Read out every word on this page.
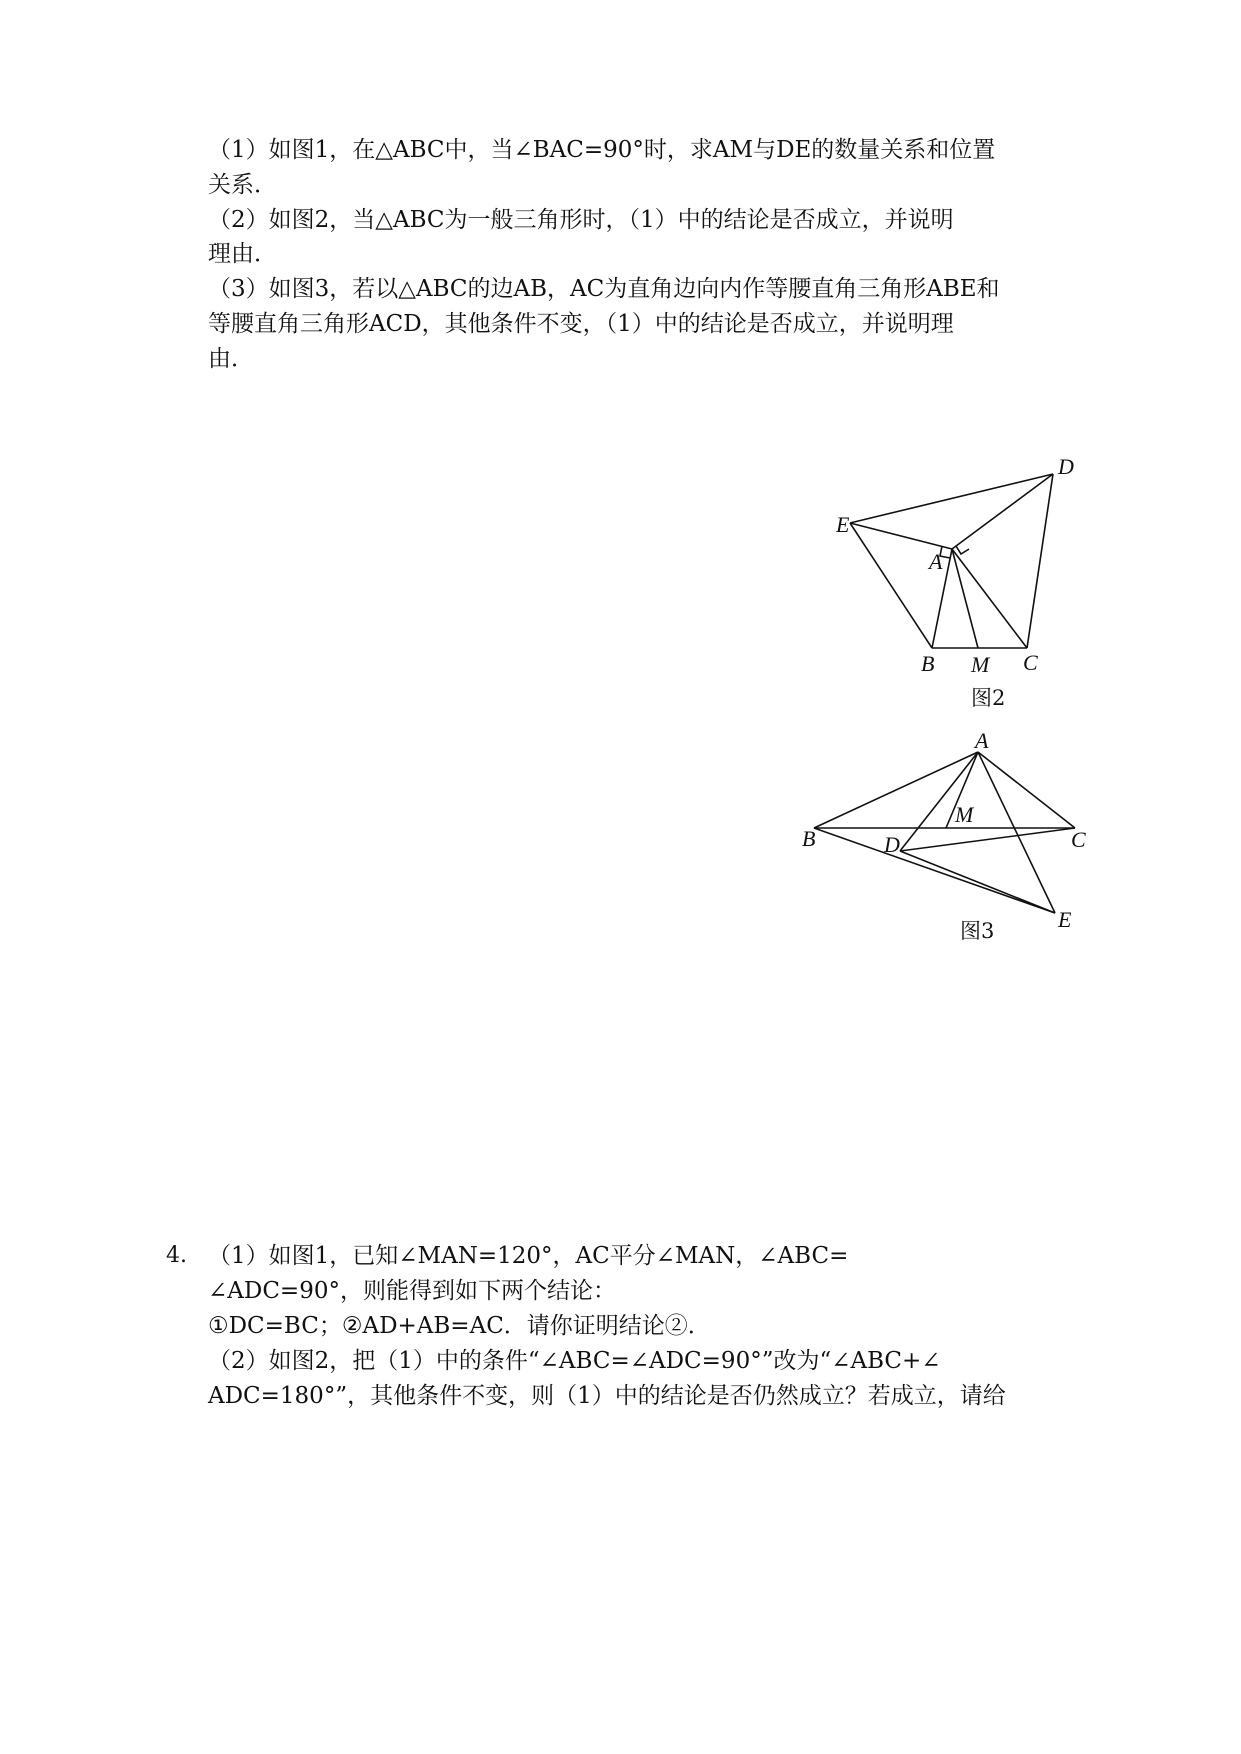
（1）如图1，在△ABC中，当∠BAC=90°时，求AM与DE的数量关系和位置
关系．
（2）如图2，当△ABC为一般三角形时，（1）中的结论是否成立，并说明
理由．
（3）如图3，若以△ABC的边AB，AC为直角边向内作等腰直角三角形ABE和
等腰直角三角形ACD，其他条件不变，（1）中的结论是否成立，并说明理
由．
D
E
A
B M C
图2
A
M
B	D	C
E
图3
4. （1）如图1，已知∠MAN=120°，AC平分∠MAN，∠ABC=
∠ADC=90°，则能得到如下两个结论：
①DC=BC；②AD+AB=AC．请你证明结论②．
（2）如图2，把（1）中的条件“∠ABC=∠ADC=90°”改为“∠ABC+∠
ADC=180°”，其他条件不变，则（1）中的结论是否仍然成立？若成立，请给
